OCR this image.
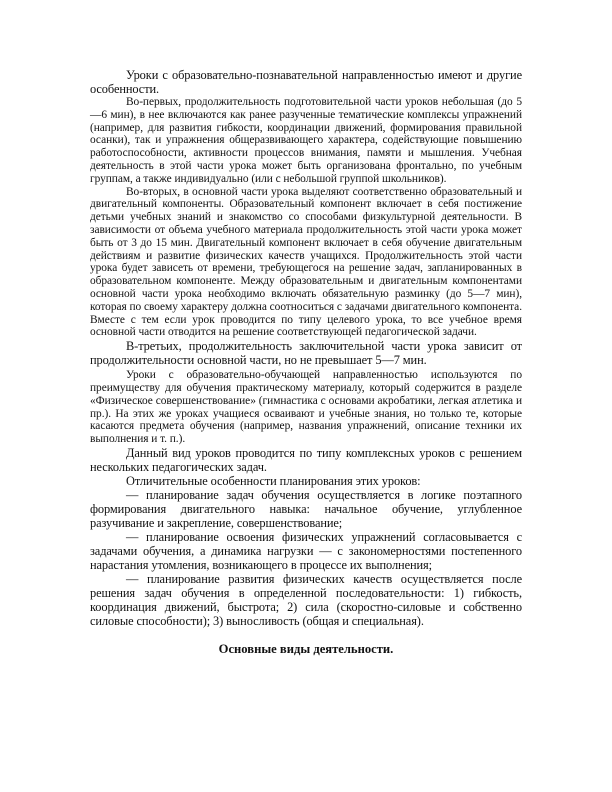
Уроки с образовательно-познавательной направленностью имеют и другие особенности.

Во-первых, продолжительность подготовительной части уроков небольшая (до 5—6 мин), в нее включаются как ранее разученные тематические комплексы упражнений (например, для развития гибкости, координации движений, формирования правильной осанки), так и упражнения общеразвивающего характера, содействующие повышению работоспособности, активности процессов внимания, памяти и мышления. Учебная деятельность в этой части урока может быть организована фронтально, по учебным группам, а также индивидуально (или с небольшой группой школьников).

Во-вторых, в основной части урока выделяют соответственно образовательный и двигательный компоненты. Образовательный компонент включает в себя постижение детьми учебных знаний и знакомство со способами физкультурной деятельности. В зависимости от объема учебного материала продолжительность этой части урока может быть от 3 до 15 мин. Двигательный компонент включает в себя обучение двигательным действиям и развитие физических качеств учащихся. Продолжительность этой части урока будет зависеть от времени, требующегося на решение задач, запланированных в образовательном компоненте. Между образовательным и двигательным компонентами основной части урока необходимо включать обязательную разминку (до 5—7 мин), которая по своему характеру должна соотноситься с задачами двигательного компонента. Вместе с тем если урок проводится по типу целевого урока, то все учебное время основной части отводится на решение соответствующей педагогической задачи.

В-третьих, продолжительность заключительной части урока зависит от продолжительности основной части, но не превышает 5—7 мин.

Уроки с образовательно-обучающей направленностью используются по преимуществу для обучения практическому материалу, который содержится в разделе «Физическое совершенствование» (гимнастика с основами акробатики, легкая атлетика и пр.). На этих же уроках учащиеся осваивают и учебные знания, но только те, которые касаются предмета обучения (например, названия упражнений, описание техники их выполнения и т. п.).

Данный вид уроков проводится по типу комплексных уроков с решением нескольких педагогических задач.

Отличительные особенности планирования этих уроков:

— планирование задач обучения осуществляется в логике поэтапного формирования двигательного навыка: начальное обучение, углубленное разучивание и закрепление, совершенствование;

— планирование освоения физических упражнений согласовывается с задачами обучения, а динамика нагрузки — с закономерностями постепенного нарастания утомления, возникающего в процессе их выполнения;

— планирование развития физических качеств осуществляется после решения задач обучения в определенной последовательности: 1) гибкость, координация движений, быстрота; 2) сила (скоростно-силовые и собственно силовые способности); 3) выносливость (общая и специальная).

Основные виды деятельности.
